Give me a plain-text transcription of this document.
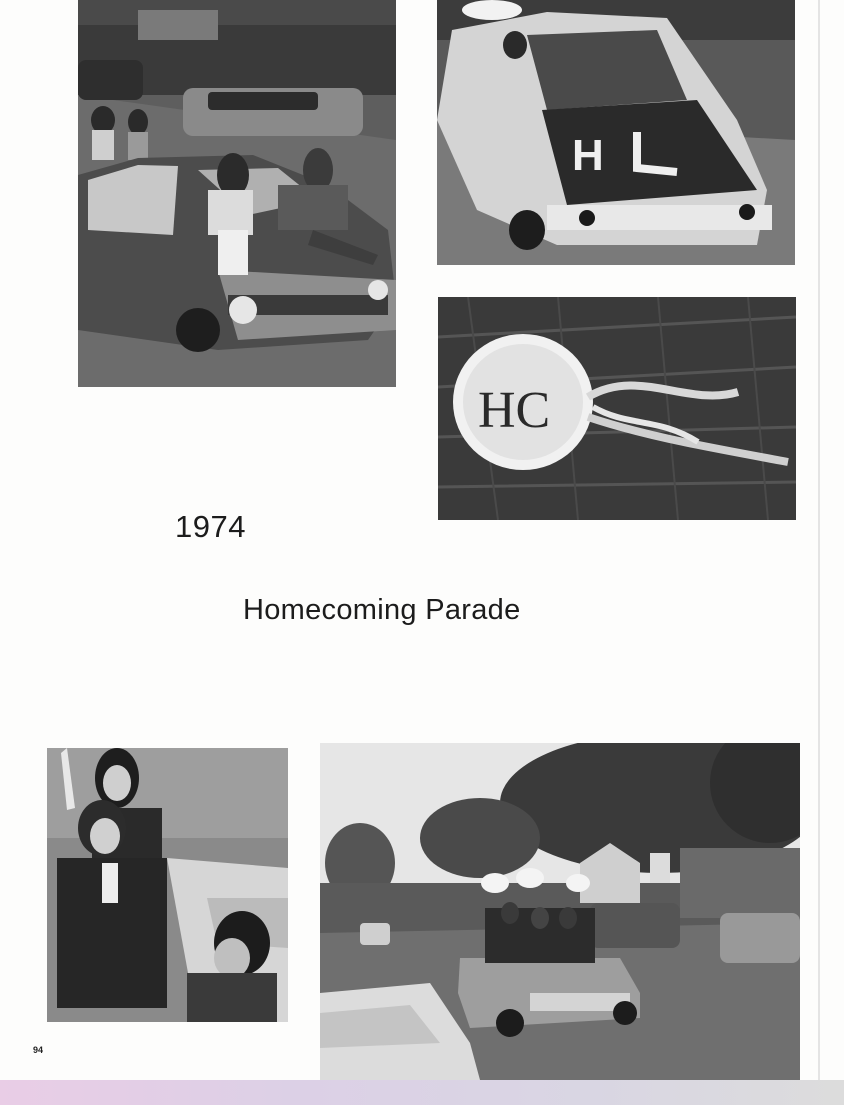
H
HC
1974
Homecoming Parade
94
